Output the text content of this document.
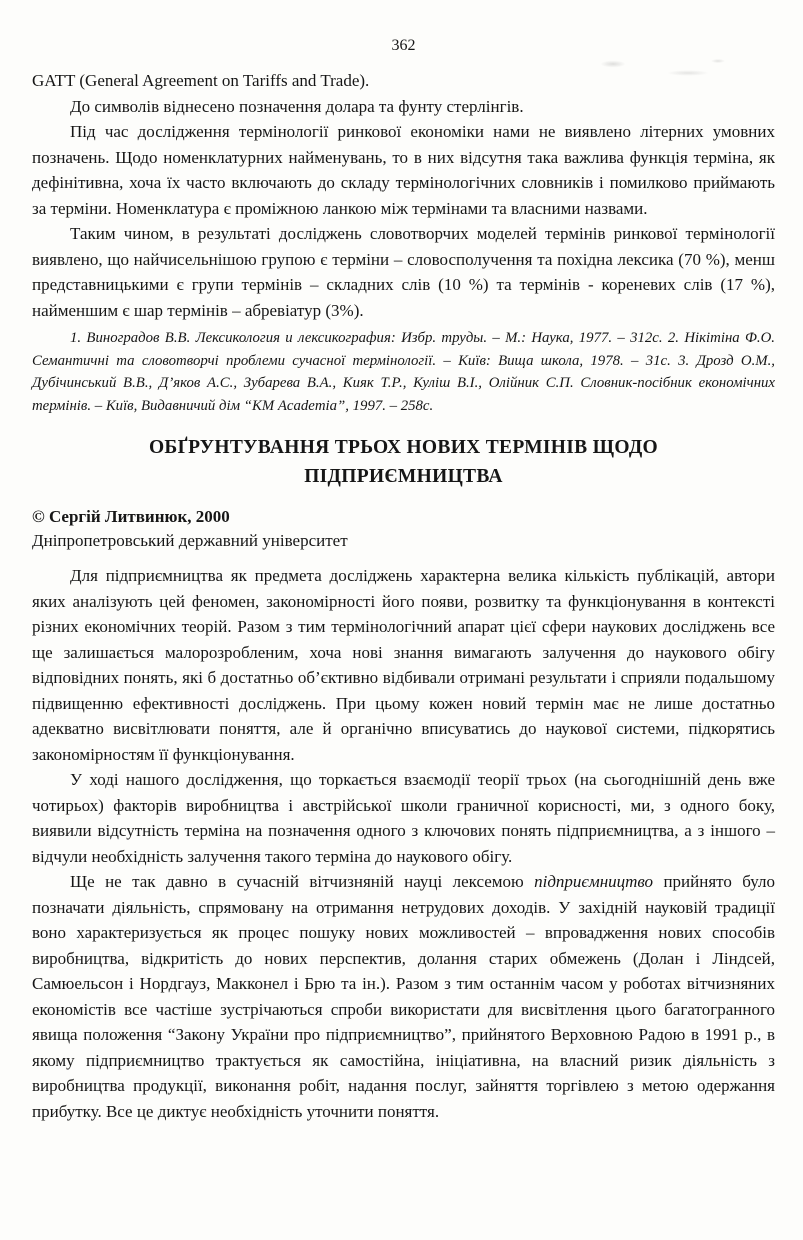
362

GATT (General Agreement on Tariffs and Trade).

До символів віднесено позначення долара та фунту стерлінгів.

Під час дослідження термінології ринкової економіки нами не виявлено літерних умовних позначень. Щодо номенклатурних найменувань, то в них відсутня така важлива функція терміна, як дефінітивна, хоча їх часто включають до складу термінологічних словників і помилково приймають за терміни. Номенклатура є проміжною ланкою між термінами та власними назвами.

Таким чином, в результаті досліджень словотворчих моделей термінів ринкової термінології виявлено, що найчисельнішою групою є терміни – словосполучення та похідна лексика (70 %), менш представницькими є групи термінів – складних слів (10 %) та термінів - кореневих слів (17 %), найменшим є шар термінів – абревіатур (3%).

1. Виноградов В.В. Лексикология и лексикография: Избр. труды. – М.: Наука, 1977. – 312с. 2. Нікітіна Ф.О. Семантичні та словотворчі проблеми сучасної термінології. – Київ: Вища школа, 1978. – 31с. 3. Дрозд О.М., Дубічинський В.В., Д’яков А.С., Зубарева В.А., Кияк Т.Р., Куліш В.І., Олійник С.П. Словник-посібник економічних термінів. – Київ, Видавничий дім “КМ Academia”, 1997. – 258с.

ОБҐРУНТУВАННЯ ТРЬОХ НОВИХ ТЕРМІНІВ ЩОДО ПІДПРИЄМНИЦТВА

© Сергій Литвинюк, 2000

Дніпропетровський державний університет

Для підприємництва як предмета досліджень характерна велика кількість публікацій, автори яких аналізують цей феномен, закономірності його появи, розвитку та функціонування в контексті різних економічних теорій. Разом з тим термінологічний апарат цієї сфери наукових досліджень все ще залишається малорозробленим, хоча нові знання вимагають залучення до наукового обігу відповідних понять, які б достатньо об’єктивно відбивали отримані результати і сприяли подальшому підвищенню ефективності досліджень. При цьому кожен новий термін має не лише достатньо адекватно висвітлювати поняття, але й органічно вписуватись до наукової системи, підкорятись закономірностям її функціонування.

У ході нашого дослідження, що торкається взаємодії теорії трьох (на сьогоднішній день вже чотирьох) факторів виробництва і австрійської школи граничної корисності, ми, з одного боку, виявили відсутність терміна на позначення одного з ключових понять підприємництва, а з іншого – відчули необхідність залучення такого терміна до наукового обігу.

Ще не так давно в сучасній вітчизняній науці лексемою підприємництво прийнято було позначати діяльність, спрямовану на отримання нетрудових доходів. У західній науковій традиції воно характеризується як процес пошуку нових можливостей – впровадження нових способів виробництва, відкритість до нових перспектив, долання старих обмежень (Долан і Ліндсей, Самюельсон і Нордгауз, Макконел і Брю та ін.). Разом з тим останнім часом у роботах вітчизняних економістів все частіше зустрічаються спроби використати для висвітлення цього багатогранного явища положення “Закону України про підприємництво”, прийнятого Верховною Радою в 1991 р., в якому підприємництво трактується як самостійна, ініціативна, на власний ризик діяльність з виробництва продукції, виконання робіт, надання послуг, зайняття торгівлею з метою одержання прибутку. Все це диктує необхідність уточнити поняття.
